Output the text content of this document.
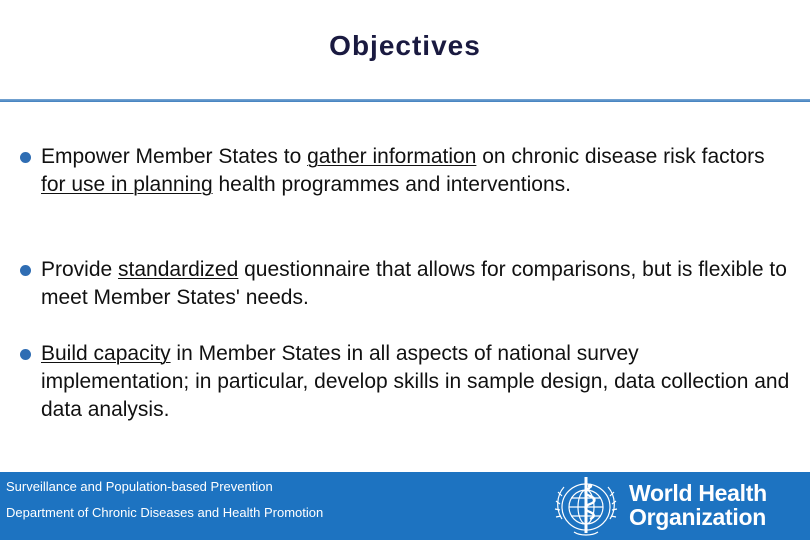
Objectives
Empower Member States to gather information on chronic disease risk factors for use in planning health programmes and interventions.
Provide standardized questionnaire that allows for comparisons, but is flexible to meet Member States' needs.
Build capacity in Member States in all aspects of national survey implementation; in particular, develop skills in sample design, data collection and data analysis.
Surveillance and Population-based Prevention
Department of Chronic Diseases and Health Promotion
World Health
Organization
